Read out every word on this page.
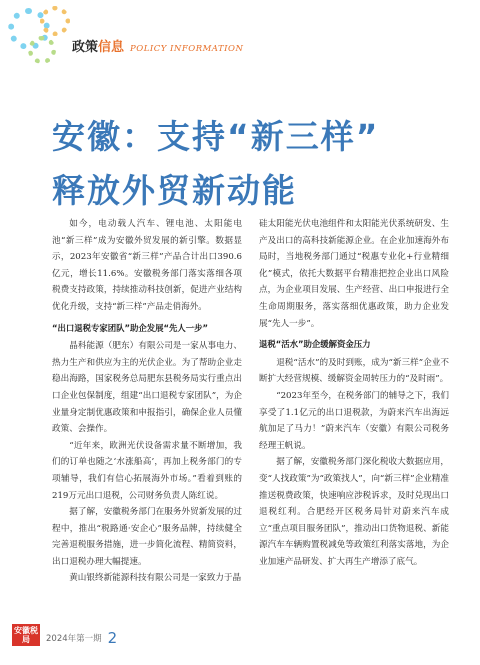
政策 信息 POLICY INFORMATION
安徽：支持“新三样”
释放外贸新动能

如今，电动载人汽车、锂电池、太阳能电池“新三样”成为安徽外贸发展的新引擎。数据显示，2023年安徽省“新三样”产品合计出口390.6亿元，增长11.6%。安徽税务部门落实落细各项税费支持政策，持续推动科技创新，促进产业结构优化升级，支持“新三样”产品走俏海外。

“出口退税专家团队”助企发展“先人一步”

晶科能源（肥东）有限公司是一家从事电力、热力生产和供应为主的光伏企业。为了帮助企业走稳出海路，国家税务总局肥东县税务局实行重点出口企业包保制度，组建“出口退税专家团队”，为企业量身定制优惠政策和申报指引，确保企业人员懂政策、会操作。

“近年来，欧洲光伏设备需求量不断增加，我们的订单也随之‘水涨船高’，再加上税务部门的专项辅导，我们有信心拓展海外市场。”看着到账的219万元出口退税，公司财务负责人陈红说。

据了解，安徽税务部门在服务外贸新发展的过程中，推出“税路通·安企心”服务品牌，持续健全完善退税服务措施，进一步简化流程、精简资料，出口退税办理大幅提速。

黄山银终新能源科技有限公司是一家致力于晶

硅太阳能光伏电池组件和太阳能光伏系统研发、生产及出口的高科技新能源企业。在企业加速海外布局时，当地税务部门通过“税惠专业化+行业精细化”模式，依托大数据平台精准把控企业出口风险点，为企业项目发展、生产经营、出口申报进行全生命周期服务，落实落细优惠政策，助力企业发展“先人一步”。

退税“活水”助企缓解资金压力

退税“活水”的及时到账，成为“新三样”企业不断扩大经营规模、缓解资金周转压力的“及时雨”。

“2023年至今，在税务部门的辅导之下，我们享受了1.1亿元的出口退税款，为蔚来汽车出海远航加足了马力！”蔚来汽车（安徽）有限公司税务经理王帆说。

据了解，安徽税务部门深化税收大数据应用，变“人找政策”为“政策找人”，向“新三样”企业精准推送税费政策，快速响应涉税诉求，及时兑现出口退税红利。合肥经开区税务局针对蔚来汽车成立“重点项目服务团队”，推动出口货物退税、新能源汽车车辆购置税减免等政策红利落实落地，为企业加速产品研发、扩大再生产增添了底气。

安徽税局	2024年第一期 2
